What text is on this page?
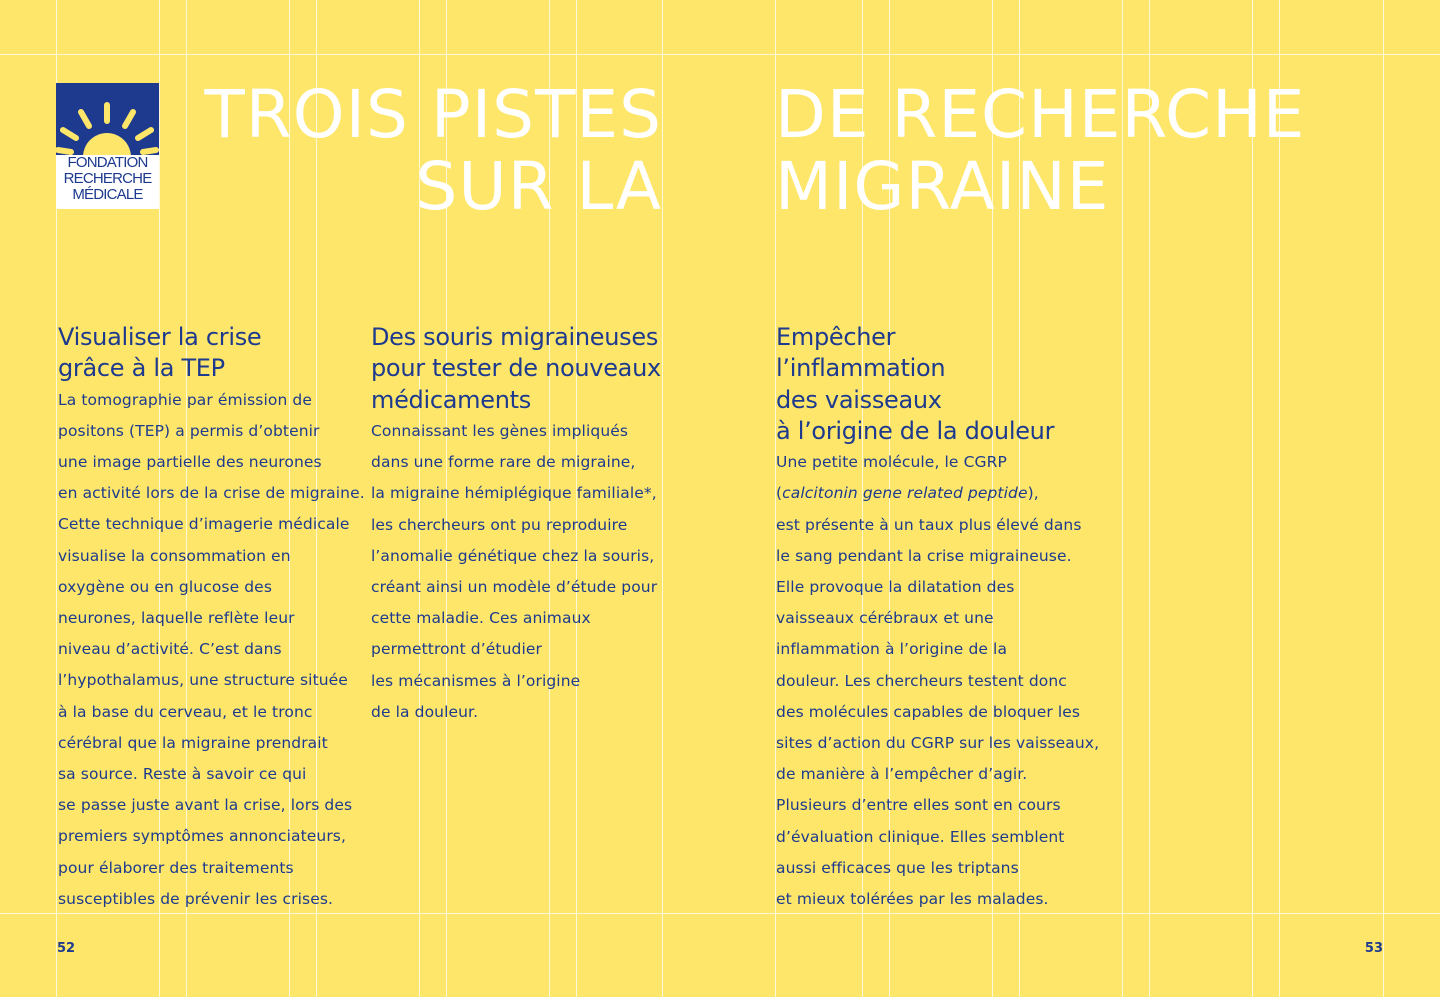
FONDATION
RECHERCHE
MÉDICALE
TROIS PISTES
SUR LA
DE RECHERCHE
MIGRAINE
Visualiser la crise
grâce à la TEP
La tomographie par émission de
positons (TEP) a permis d’obtenir
une image partielle des neurones
en activité lors de la crise de migraine.
Cette technique d’imagerie médicale
visualise la consommation en
oxygène ou en glucose des
neurones, laquelle reflète leur
niveau d’activité. C’est dans
l’hypothalamus, une structure située
à la base du cerveau, et le tronc
cérébral que la migraine prendrait
sa source. Reste à savoir ce qui
se passe juste avant la crise, lors des
premiers symptômes annonciateurs,
pour élaborer des traitements
susceptibles de prévenir les crises.
Des souris migraineuses
pour tester de nouveaux
médicaments
Connaissant les gènes impliqués
dans une forme rare de migraine,
la migraine hémiplégique familiale*,
les chercheurs ont pu reproduire
l’anomalie génétique chez la souris,
créant ainsi un modèle d’étude pour
cette maladie. Ces animaux
permettront d’étudier
les mécanismes à l’origine
de la douleur.
Empêcher
l’inflammation
des vaisseaux
à l’origine de la douleur
Une petite molécule, le CGRP
(calcitonin gene related peptide),
est présente à un taux plus élevé dans
le sang pendant la crise migraineuse.
Elle provoque la dilatation des
vaisseaux cérébraux et une
inflammation à l’origine de la
douleur. Les chercheurs testent donc
des molécules capables de bloquer les
sites d’action du CGRP sur les vaisseaux,
de manière à l’empêcher d’agir.
Plusieurs d’entre elles sont en cours
d’évaluation clinique. Elles semblent
aussi efficaces que les triptans
et mieux tolérées par les malades.
52	53
